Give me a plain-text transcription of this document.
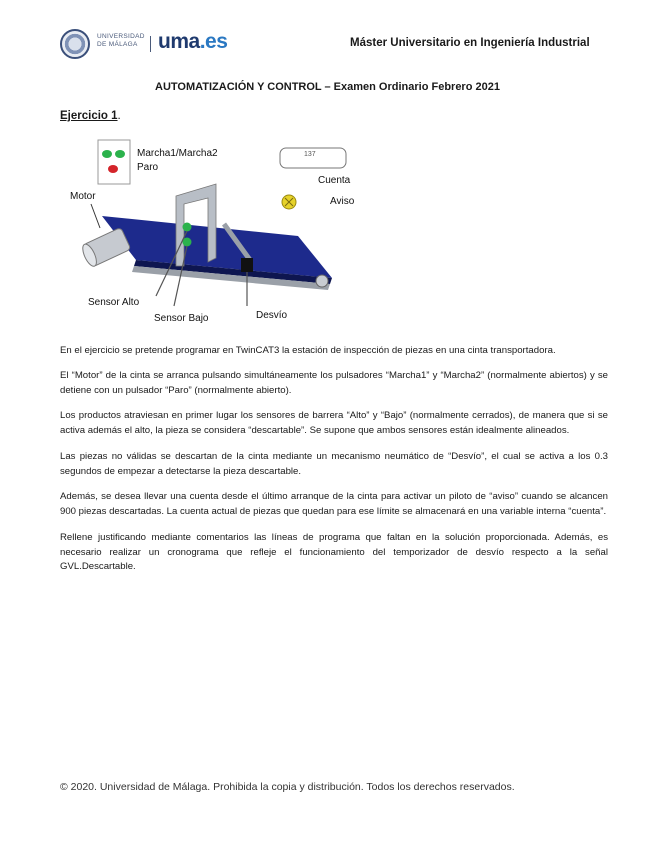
UNIVERSIDAD
DE MÁLAGA uma.es	Máster Universitario en Ingeniería Industrial
AUTOMATIZACIÓN Y CONTROL – Examen Ordinario Febrero 2021
Ejercicio 1.
Marcha1/Marcha2
Paro
137
Cuenta
Aviso
Motor
Sensor Alto
Sensor Bajo	Desvío

En el ejercicio se pretende programar en TwinCAT3 la estación de inspección de piezas en una cinta transportadora.

El “Motor” de la cinta se arranca pulsando simultáneamente los pulsadores “Marcha1” y “Marcha2” (normalmente abiertos) y se detiene con un pulsador “Paro” (normalmente abierto).

Los productos atraviesan en primer lugar los sensores de barrera “Alto” y “Bajo” (normalmente cerrados), de manera que si se activa además el alto, la pieza se considera “descartable”. Se supone que ambos sensores están idealmente alineados.

Las piezas no válidas se descartan de la cinta mediante un mecanismo neumático de “Desvío”, el cual se activa a los 0.3 segundos de empezar a detectarse la pieza descartable.

Además, se desea llevar una cuenta desde el último arranque de la cinta para activar un piloto de “aviso” cuando se alcancen 900 piezas descartadas. La cuenta actual de piezas que quedan para ese límite se almacenará en una variable interna “cuenta”.

Rellene justificando mediante comentarios las líneas de programa que faltan en la solución proporcionada. Además, es necesario realizar un cronograma que refleje el funcionamiento del temporizador de desvío respecto a la señal GVL.Descartable.

© 2020. Universidad de Málaga. Prohibida la copia y distribución. Todos los derechos reservados.
